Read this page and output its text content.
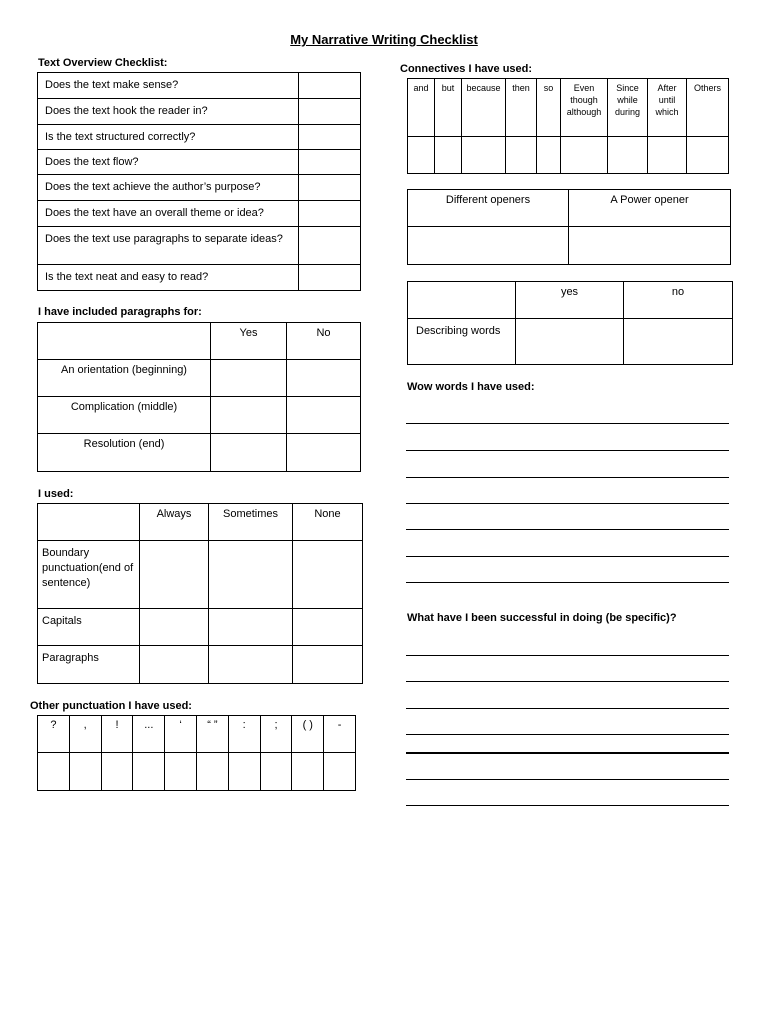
My Narrative Writing Checklist
Text Overview Checklist:
Does the text make sense?	
Does the text hook the reader in?	
Is the text structured correctly?	
Does the text flow?	
Does the text achieve the author’s purpose?	
Does the text have an overall theme or idea?	
Does the text use paragraphs to separate ideas?	
Is the text neat and easy to read?	
I have included paragraphs for:
	Yes	No
An orientation (beginning)		
Complication (middle)		
Resolution (end)		
I used:
	Always	Sometimes	None
Boundary punctuation(end of sentence)			
Capitals			
Paragraphs			
Other punctuation I have used:
?	,	!	...	‘	“ ”	:	;	( )	-

Connectives I have used:
and	but	because	then	so	Even though although	Since while during	After until which	Others

Different openers	A Power opener

	yes	no
Describing words		
Wow words I have used:
What have I been successful in doing (be specific)?
